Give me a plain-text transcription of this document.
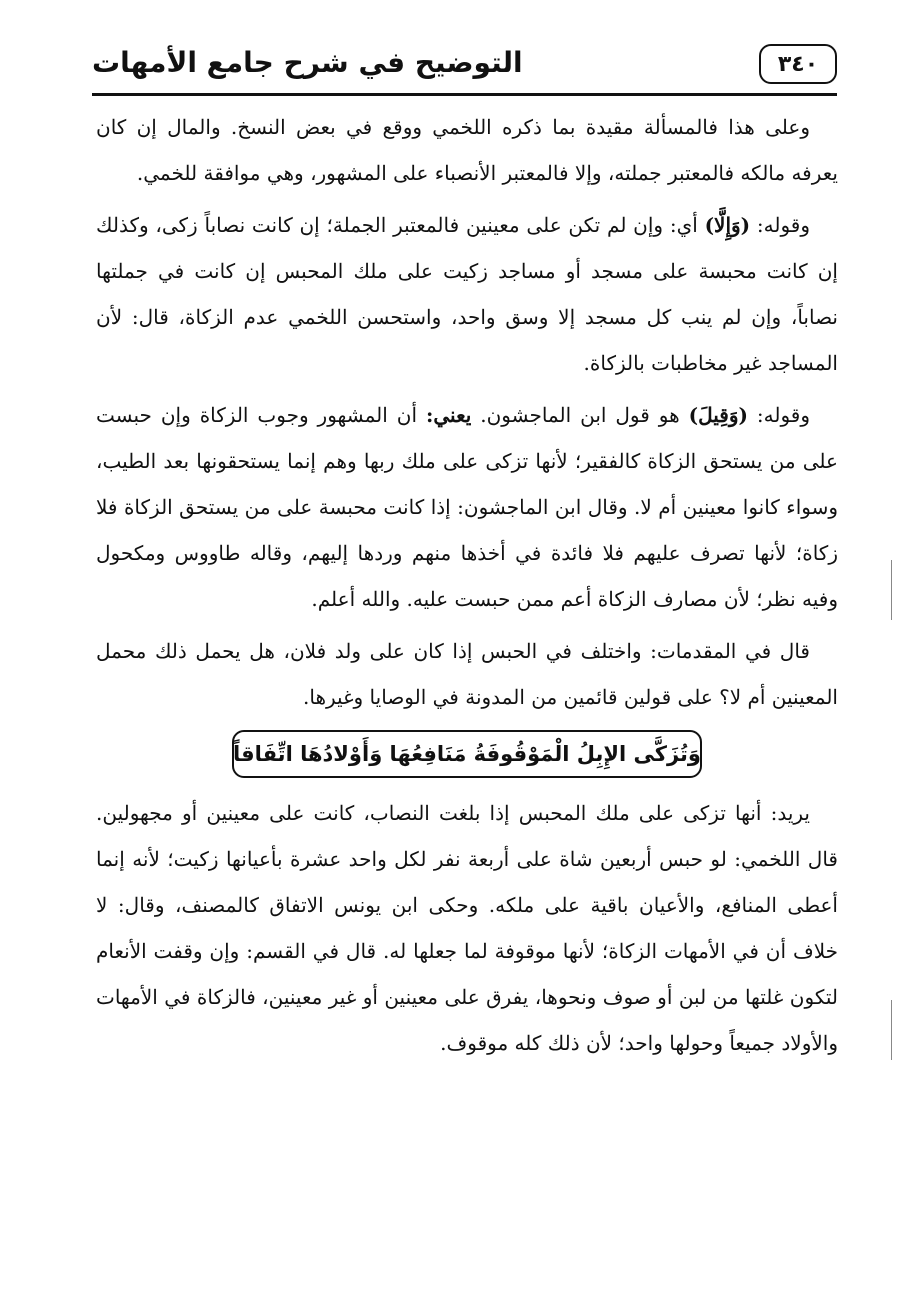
التوضيح في شرح جامع الأمهات	٣٤٠

وعلى هذا فالمسألة مقيدة بما ذكره اللخمي ووقع في بعض النسخ. والمال إن كان يعرفه مالكه فالمعتبر جملته، وإلا فالمعتبر الأنصباء على المشهور، وهي موافقة للخمي.

وقوله: (وَإِلَّا) أي: وإن لم تكن على معينين فالمعتبر الجملة؛ إن كانت نصاباً زكى، وكذلك إن كانت محبسة على مسجد أو مساجد زكيت على ملك المحبس إن كانت في جملتها نصاباً، وإن لم ينب كل مسجد إلا وسق واحد، واستحسن اللخمي عدم الزكاة، قال: لأن المساجد غير مخاطبات بالزكاة.

وقوله: (وَقِيلَ) هو قول ابن الماجشون. يعني: أن المشهور وجوب الزكاة وإن حبست على من يستحق الزكاة كالفقير؛ لأنها تزكى على ملك ربها وهم إنما يستحقونها بعد الطيب، وسواء كانوا معينين أم لا. وقال ابن الماجشون: إذا كانت محبسة على من يستحق الزكاة فلا زكاة؛ لأنها تصرف عليهم فلا فائدة في أخذها منهم وردها إليهم، وقاله طاووس ومكحول وفيه نظر؛ لأن مصارف الزكاة أعم ممن حبست عليه. والله أعلم.

قال في المقدمات: واختلف في الحبس إذا كان على ولد فلان، هل يحمل ذلك محمل المعينين أم لا؟ على قولين قائمين من المدونة في الوصايا وغيرها.

وَتُزَكَّى الإِبِلُ الْمَوْقُوفَةُ مَنَافِعُهَا وَأَوْلادُهَا اتِّفَاقاً

يريد: أنها تزكى على ملك المحبس إذا بلغت النصاب، كانت على معينين أو مجهولين. قال اللخمي: لو حبس أربعين شاة على أربعة نفر لكل واحد عشرة بأعيانها زكيت؛ لأنه إنما أعطى المنافع، والأعيان باقية على ملكه. وحكى ابن يونس الاتفاق كالمصنف، وقال: لا خلاف أن في الأمهات الزكاة؛ لأنها موقوفة لما جعلها له. قال في القسم: وإن وقفت الأنعام لتكون غلتها من لبن أو صوف ونحوها، يفرق على معينين أو غير معينين، فالزكاة في الأمهات والأولاد جميعاً وحولها واحد؛ لأن ذلك كله موقوف.
